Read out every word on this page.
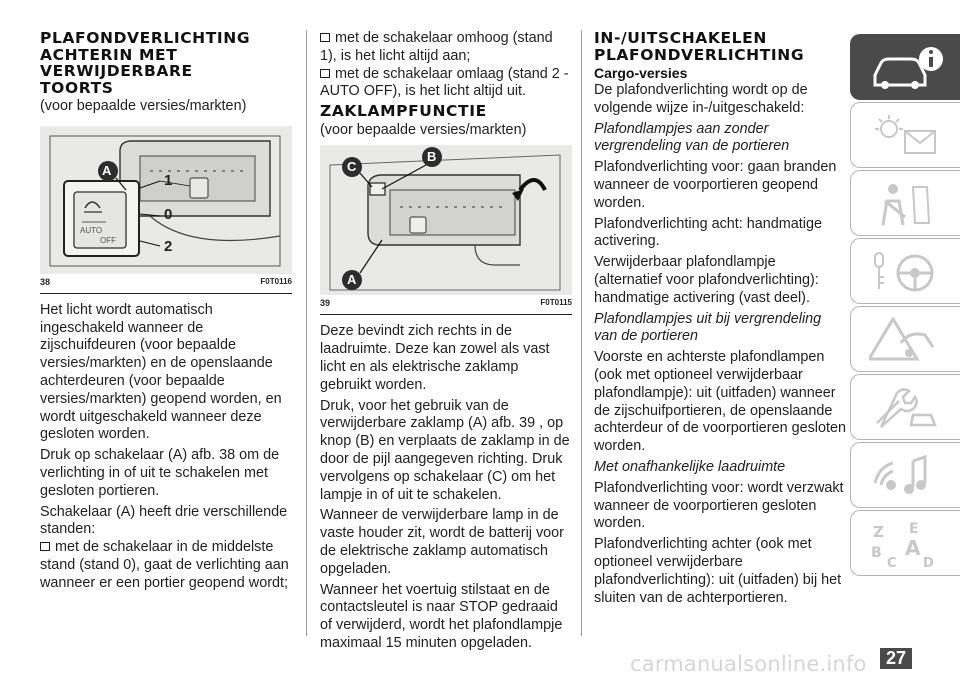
PLAFONDVERLICHTING
ACHTERIN MET
VERWIJDERBARE
TOORTS

(voor bepaalde versies/markten)

A
1
0
2
AUTO
OFF
38	F0T0116

Het licht wordt automatisch ingeschakeld wanneer de zijschuifdeuren (voor bepaalde versies/markten) en de openslaande achterdeuren (voor bepaalde versies/markten) geopend worden, en wordt uitgeschakeld wanneer deze gesloten worden.

Druk op schakelaar (A) afb. 38 om de verlichting in of uit te schakelen met gesloten portieren.

Schakelaar (A) heeft drie verschillende standen:

met de schakelaar in de middelste stand (stand 0), gaat de verlichting aan wanneer er een portier geopend wordt;
met de schakelaar omhoog (stand 1), is het licht altijd aan;
met de schakelaar omlaag (stand 2 - AUTO OFF), is het licht altijd uit.
ZAKLAMPFUNCTIE

(voor bepaalde versies/markten)

C
B
A
39	F0T0115

Deze bevindt zich rechts in de laadruimte. Deze kan zowel als vast licht en als elektrische zaklamp gebruikt worden.

Druk, voor het gebruik van de verwijderbare zaklamp (A) afb. 39 , op knop (B) en verplaats de zaklamp in de door de pijl aangegeven richting. Druk vervolgens op schakelaar (C) om het lampje in of uit te schakelen.

Wanneer de verwijderbare lamp in de vaste houder zit, wordt de batterij voor de elektrische zaklamp automatisch opgeladen.

Wanneer het voertuig stilstaat en de contactsleutel is naar STOP gedraaid of verwijderd, wordt het plafondlampje maximaal 15 minuten opgeladen.

IN-/UITSCHAKELEN
PLAFONDVERLICHTING
Cargo-versies

De plafondverlichting wordt op de volgende wijze in-/uitgeschakeld:

Plafondlampjes aan zonder vergrendeling van de portieren

Plafondverlichting voor: gaan branden wanneer de voorportieren geopend worden.

Plafondverlichting acht: handmatige activering.

Verwijderbaar plafondlampje (alternatief voor plafondverlichting): handmatige activering (vast deel).

Plafondlampjes uit bij vergrendeling van de portieren

Voorste en achterste plafondlampen (ook met optioneel verwijderbaar plafondlampje): uit (uitfaden) wanneer de zijschuifportieren, de openslaande achterdeur of de voorportieren gesloten worden.

Met onafhankelijke laadruimte

Plafondverlichting voor: wordt verzwakt wanneer de voorportieren gesloten worden.

Plafondverlichting achter (ook met optioneel verwijderbare plafondverlichting): uit (uitfaden) bij het sluiten van de achterportieren.

Z E
B A
C D
carmanualsonline.info	27
